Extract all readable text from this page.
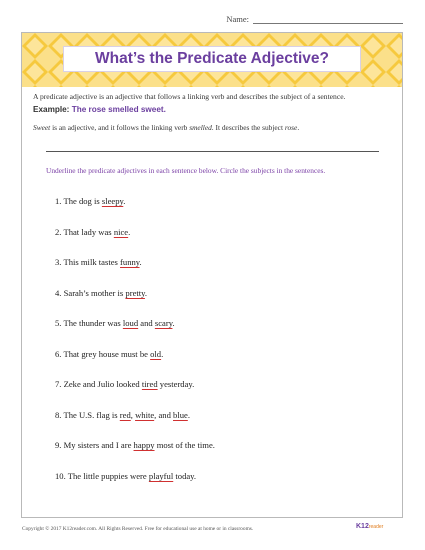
Name:
What’s the Predicate Adjective?
A predicate adjective is an adjective that follows a linking verb and describes the subject of a sentence.
Example: The rose smelled sweet.
Sweet is an adjective, and it follows the linking verb smelled. It describes the subject rose.
Underline the predicate adjectives in each sentence below. Circle the subjects in the sentences.
1. The dog is sleepy.
2. That lady was nice.
3. This milk tastes funny.
4. Sarah’s mother is pretty.
5. The thunder was loud and scary.
6. That grey house must be old.
7. Zeke and Julio looked tired yesterday.
8. The U.S. flag is red, white, and blue.
9. My sisters and I are happy most of the time.
10. The little puppies were playful today.
Copyright © 2017 K12reader.com. All Rights Reserved. Free for educational use at home or in classrooms.	K12reader
